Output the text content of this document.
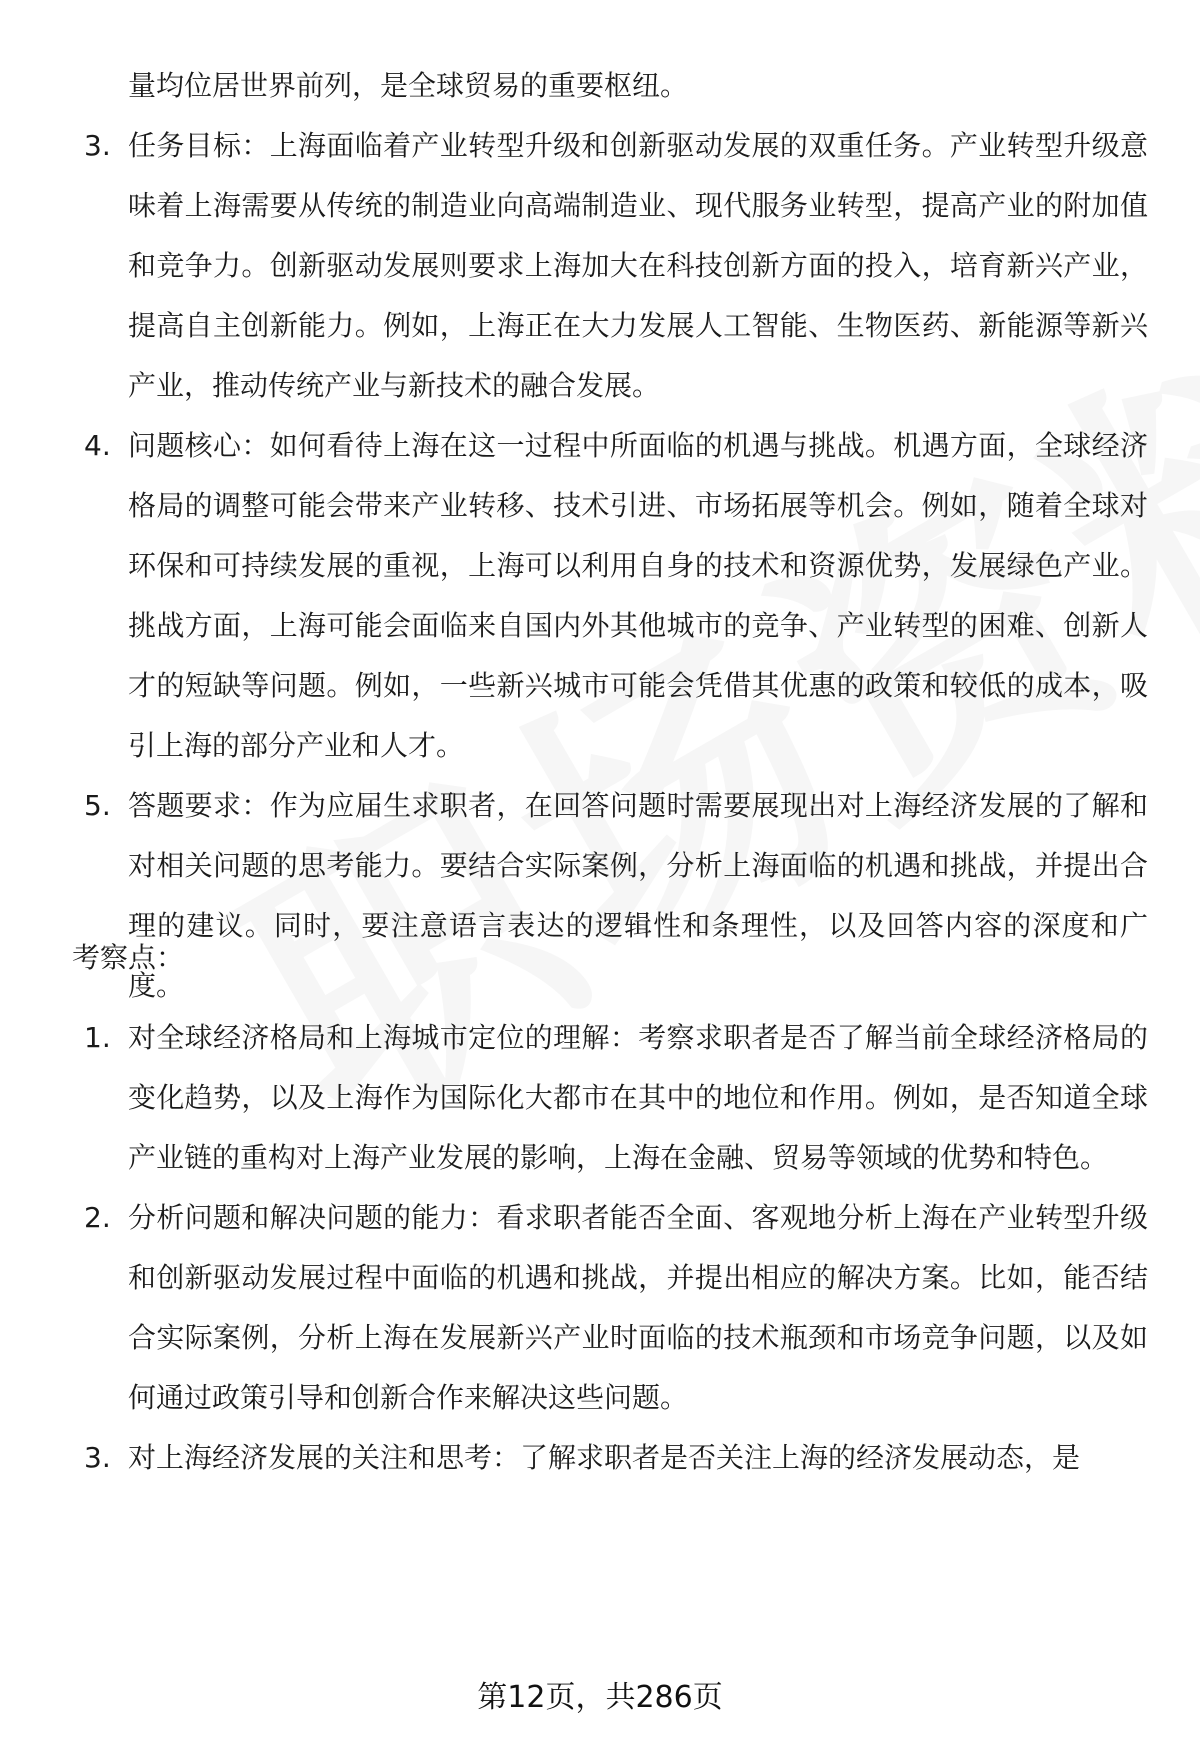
量均位居世界前列，是全球贸易的重要枢纽。
3. 任务目标：上海面临着产业转型升级和创新驱动发展的双重任务。产业转型升级意味着上海需要从传统的制造业向高端制造业、现代服务业转型，提高产业的附加值和竞争力。创新驱动发展则要求上海加大在科技创新方面的投入，培育新兴产业，提高自主创新能力。例如，上海正在大力发展人工智能、生物医药、新能源等新兴产业，推动传统产业与新技术的融合发展。
4. 问题核心：如何看待上海在这一过程中所面临的机遇与挑战。机遇方面，全球经济格局的调整可能会带来产业转移、技术引进、市场拓展等机会。例如，随着全球对环保和可持续发展的重视，上海可以利用自身的技术和资源优势，发展绿色产业。挑战方面，上海可能会面临来自国内外其他城市的竞争、产业转型的困难、创新人才的短缺等问题。例如，一些新兴城市可能会凭借其优惠的政策和较低的成本，吸引上海的部分产业和人才。
5. 答题要求：作为应届生求职者，在回答问题时需要展现出对上海经济发展的了解和对相关问题的思考能力。要结合实际案例，分析上海面临的机遇和挑战，并提出合理的建议。同时，要注意语言表达的逻辑性和条理性，以及回答内容的深度和广度。
考察点：
1. 对全球经济格局和上海城市定位的理解：考察求职者是否了解当前全球经济格局的变化趋势，以及上海作为国际化大都市在其中的地位和作用。例如，是否知道全球产业链的重构对上海产业发展的影响，上海在金融、贸易等领域的优势和特色。
2. 分析问题和解决问题的能力：看求职者能否全面、客观地分析上海在产业转型升级和创新驱动发展过程中面临的机遇和挑战，并提出相应的解决方案。比如，能否结合实际案例，分析上海在发展新兴产业时面临的技术瓶颈和市场竞争问题，以及如何通过政策引导和创新合作来解决这些问题。
3. 对上海经济发展的关注和思考：了解求职者是否关注上海的经济发展动态，是
第12页，共286页
